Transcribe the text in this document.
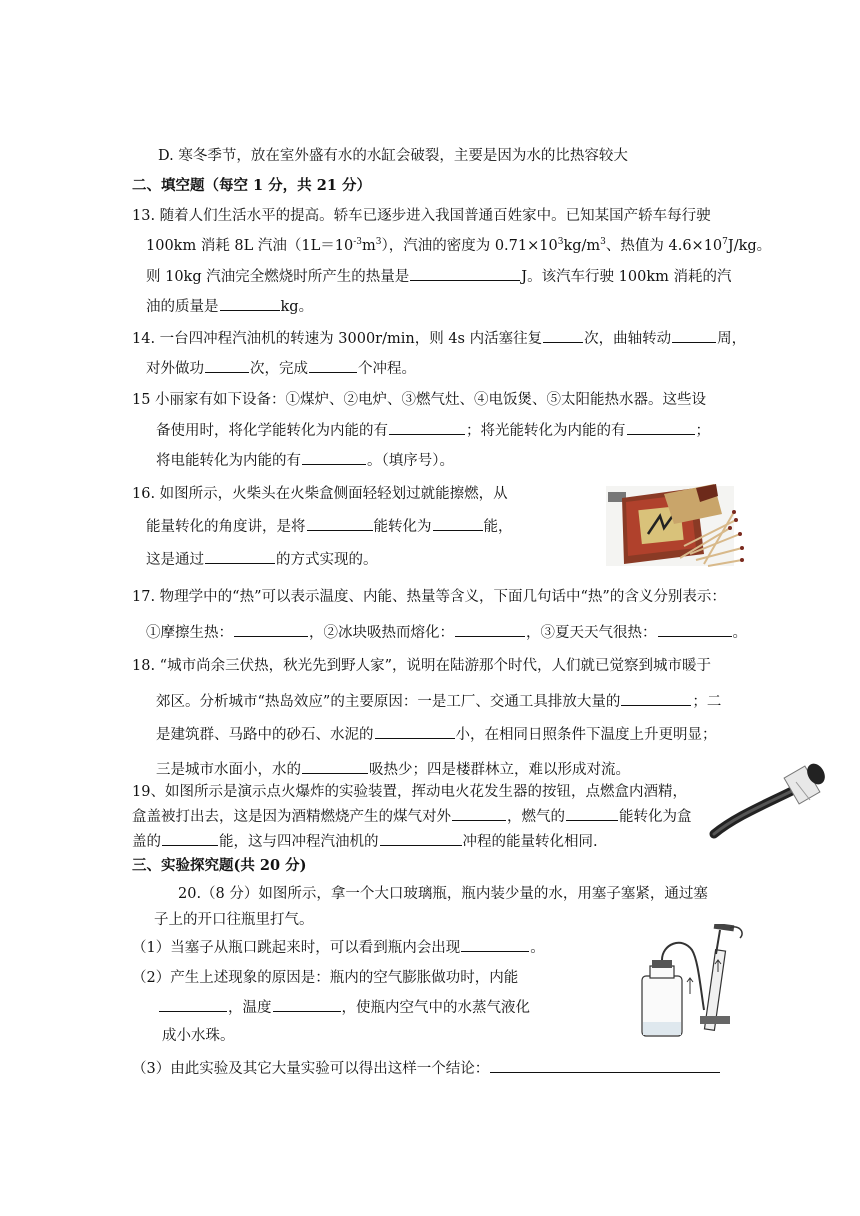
D. 寒冬季节，放在室外盛有水的水缸会破裂，主要是因为水的比热容较大
二、填空题（每空 1 分，共 21 分）
13. 随着人们生活水平的提高。轿车已逐步进入我国普通百姓家中。已知某国产轿车每行驶
100km 消耗 8L 汽油$(1L=10^{-3}m^3)$，汽油的密度为 $0.71\times 10^3kg/m^3$、热值为 $4.6\times 10^7J/kg$。
则 10kg 汽油完全燃烧时所产生的热量是	J。该汽车行驶 100km 消耗的汽
油的质量是	kg。
14. 一台四冲程汽油机的转速为 3000r/min，则 4s 内活塞往复	次，曲轴转动	周，
对外做功	次，完成	个冲程。
15 小丽家有如下设备：①煤炉、②电炉、③燃气灶、④电饭煲、⑤太阳能热水器。这些设
备使用时，将化学能转化为内能的有	；将光能转化为内能的有	；
将电能转化为内能的有	。（填序号）。
16. 如图所示，火柴头在火柴盒侧面轻轻划过就能擦燃，从
能量转化的角度讲，是将	能转化为	能，
这是通过	的方式实现的。
17. 物理学中的“热”可以表示温度、内能、热量等含义，下面几句话中“热”的含义分别表示：
①摩擦生热：	，②冰块吸热而熔化：	，③夏天天气很热：	。
18. “城市尚余三伏热，秋光先到野人家”，说明在陆游那个时代，人们就已觉察到城市暖于
郊区。分析城市“热岛效应”的主要原因：一是工厂、交通工具排放大量的	；二
是建筑群、马路中的砂石、水泥的	小，在相同日照条件下温度上升更明显；
三是城市水面小，水的	吸热少；四是楼群林立，难以形成对流。
19、如图所示是演示点火爆炸的实验装置，挥动电火花发生器的按钮，点燃盒内酒精，
盒盖被打出去，这是因为酒精燃烧产生的煤气对外	，燃气的	能转化为盒
盖的	能，这与四冲程汽油机的	冲程的能量转化相同.
三、实验探究题(共 20 分)
20.（8 分）如图所示，拿一个大口玻璃瓶，瓶内装少量的水，用塞子塞紧，通过塞
子上的开口往瓶里打气。
（1）当塞子从瓶口跳起来时，可以看到瓶内会出现	。
（2）产生上述现象的原因是：瓶内的空气膨胀做功时，内能
，温度	，使瓶内空气中的水蒸气液化
成小水珠。
（3）由此实验及其它大量实验可以得出这样一个结论：
